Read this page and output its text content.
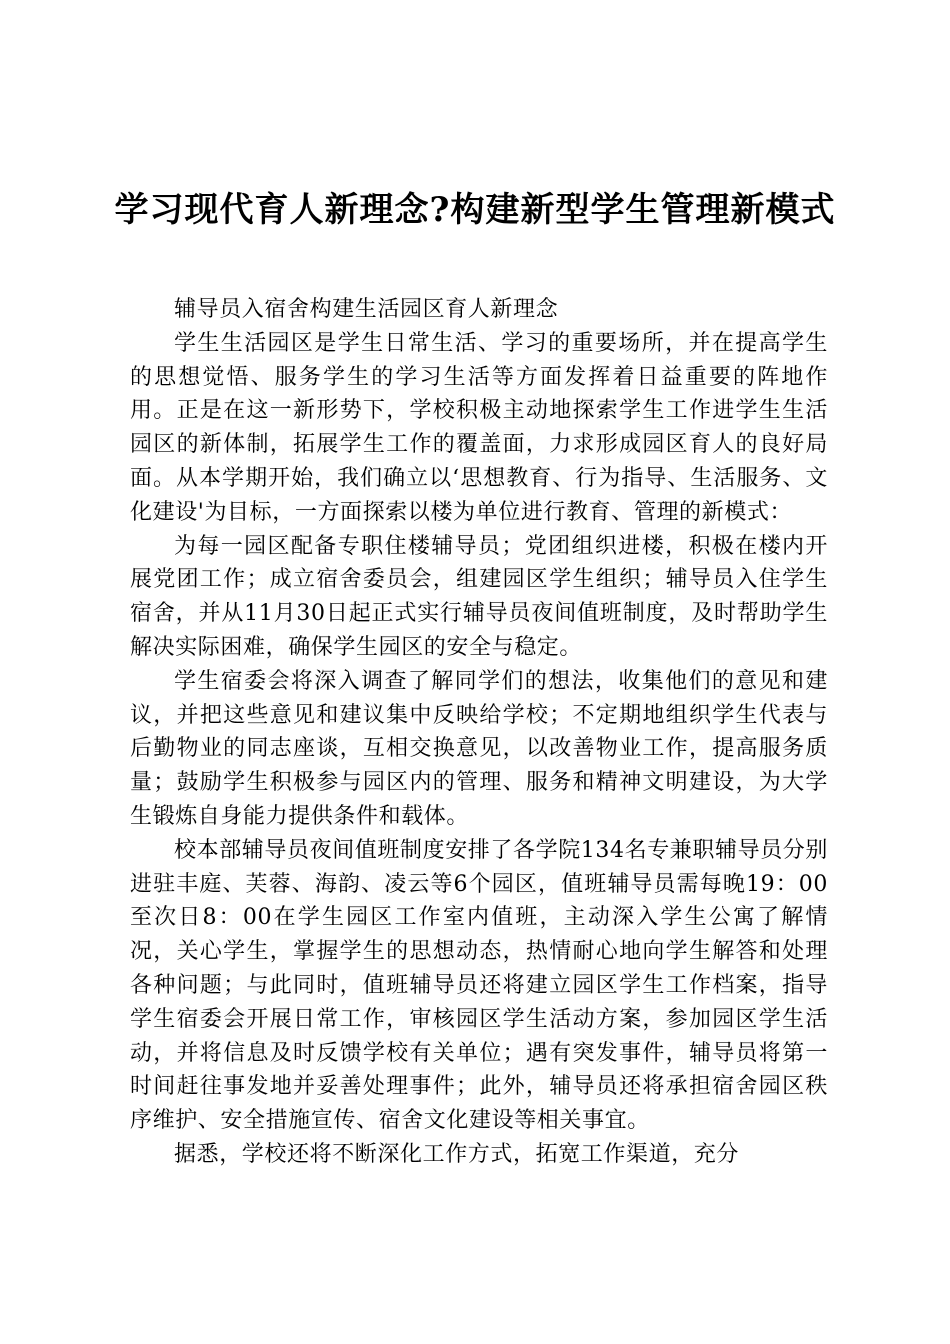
学习现代育人新理念?构建新型学生管理新模式

辅导员入宿舍构建生活园区育人新理念

学生生活园区是学生日常生活、学习的重要场所，并在提高学生的思想觉悟、服务学生的学习生活等方面发挥着日益重要的阵地作用。正是在这一新形势下，学校积极主动地探索学生工作进学生生活园区的新体制，拓展学生工作的覆盖面，力求形成园区育人的良好局面。从本学期开始，我们确立以‘思想教育、行为指导、生活服务、文化建设'为目标，一方面探索以楼为单位进行教育、管理的新模式：

为每一园区配备专职住楼辅导员；党团组织进楼，积极在楼内开展党团工作；成立宿舍委员会，组建园区学生组织；辅导员入住学生宿舍，并从11月30日起正式实行辅导员夜间值班制度，及时帮助学生解决实际困难，确保学生园区的安全与稳定。

学生宿委会将深入调查了解同学们的想法，收集他们的意见和建议，并把这些意见和建议集中反映给学校；不定期地组织学生代表与后勤物业的同志座谈，互相交换意见，以改善物业工作，提高服务质量；鼓励学生积极参与园区内的管理、服务和精神文明建设，为大学生锻炼自身能力提供条件和载体。

校本部辅导员夜间值班制度安排了各学院134名专兼职辅导员分别进驻丰庭、芙蓉、海韵、凌云等6个园区，值班辅导员需每晚19：00至次日8：00在学生园区工作室内值班，主动深入学生公寓了解情况，关心学生，掌握学生的思想动态，热情耐心地向学生解答和处理各种问题；与此同时，值班辅导员还将建立园区学生工作档案，指导学生宿委会开展日常工作，审核园区学生活动方案，参加园区学生活动，并将信息及时反馈学校有关单位；遇有突发事件，辅导员将第一时间赶往事发地并妥善处理事件；此外，辅导员还将承担宿舍园区秩序维护、安全措施宣传、宿舍文化建设等相关事宜。

据悉，学校还将不断深化工作方式，拓宽工作渠道，充分
